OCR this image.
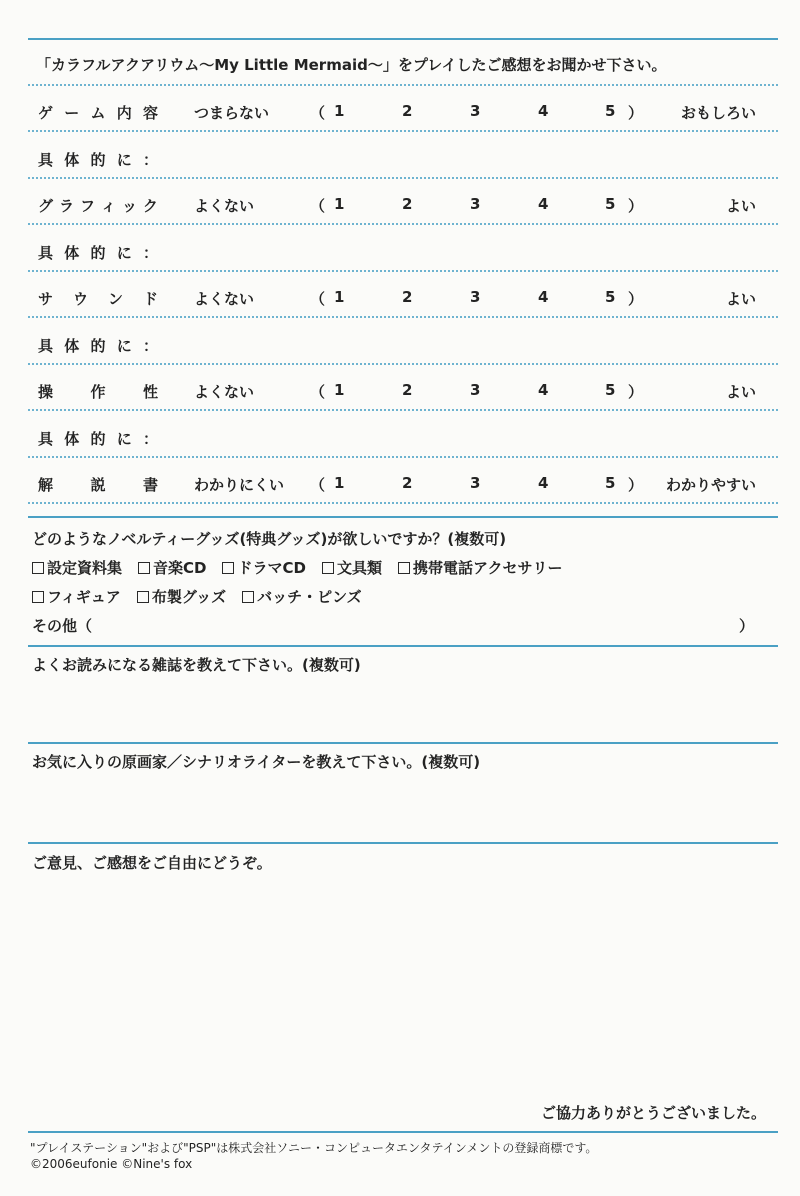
「カラフルアクアリウム〜My Little Mermaid〜」をプレイしたご感想をお聞かせ下さい。
ゲ ー ム 内 容 つまらない	（ 1	2	3	4	5 ）	おもしろい
具 体 的 に ：
グ ラ フ ィ ッ ク よくない	（ 1	2	3	4	5 ）	よい
具 体 的 に ：
サ ウ ン ド よくない	（ 1	2	3	4	5 ）	よい
具 体 的 に ：
操 作 性 よくない	（ 1	2	3	4	5 ）	よい
具 体 的 に ：
解 説 書 わかりにくい （ 1	2	3	4	5 ） わかりやすい
どのようなノベルティーグッズ(特典グッズ)が欲しいですか？(複数可)
設定資料集 音楽CD ドラマCD 文具類 携帯電話アクセサリー
フィギュア 布製グッズ バッチ・ピンズ
その他（	）
よくお読みになる雑誌を教えて下さい。(複数可)
お気に入りの原画家／シナリオライターを教えて下さい。(複数可)
ご意見、ご感想をご自由にどうぞ。
ご協力ありがとうございました。
"プレイステーション"および"PSP"は株式会社ソニー・コンピュータエンタテインメントの登録商標です。
©2006eufonie ©Nine's fox
